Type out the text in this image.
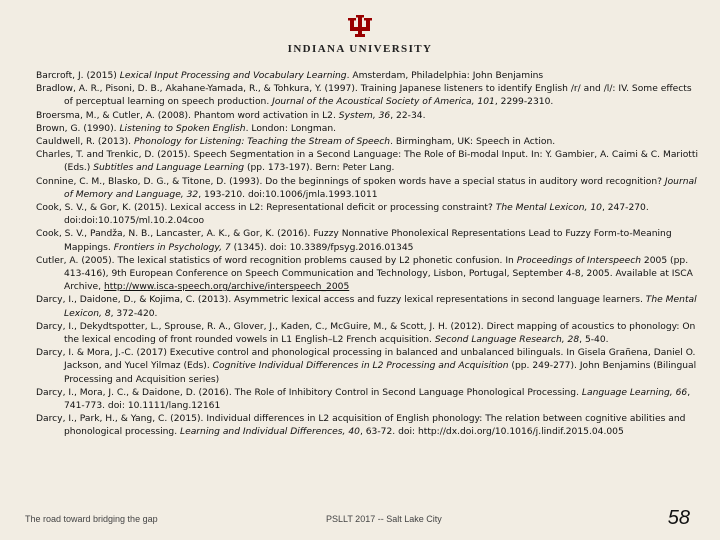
INDIANA UNIVERSITY
Barcroft, J. (2015) Lexical Input Processing and Vocabulary Learning. Amsterdam, Philadelphia: John Benjamins
Bradlow, A. R., Pisoni, D. B., Akahane-Yamada, R., & Tohkura, Y. (1997). Training Japanese listeners to identify English /r/ and /l/: IV. Some effects of perceptual learning on speech production. Journal of the Acoustical Society of America, 101, 2299-2310.
Broersma, M., & Cutler, A. (2008). Phantom word activation in L2. System, 36, 22-34.
Brown, G. (1990). Listening to Spoken English. London: Longman.
Cauldwell, R. (2013). Phonology for Listening: Teaching the Stream of Speech. Birmingham, UK: Speech in Action.
Charles, T. and Trenkic, D. (2015). Speech Segmentation in a Second Language: The Role of Bi-modal Input. In: Y. Gambier, A. Caimi & C. Mariotti (Eds.) Subtitles and Language Learning (pp. 173-197). Bern: Peter Lang.
Connine, C. M., Blasko, D. G., & Titone, D. (1993). Do the beginnings of spoken words have a special status in auditory word recognition? Journal of Memory and Language, 32, 193-210. doi:10.1006/jmla.1993.1011
Cook, S. V., & Gor, K. (2015). Lexical access in L2: Representational deficit or processing constraint? The Mental Lexicon, 10, 247-270. doi:doi:10.1075/ml.10.2.04coo
Cook, S. V., Pandža, N. B., Lancaster, A. K., & Gor, K. (2016). Fuzzy Nonnative Phonolexical Representations Lead to Fuzzy Form-to-Meaning Mappings. Frontiers in Psychology, 7 (1345). doi: 10.3389/fpsyg.2016.01345
Cutler, A. (2005). The lexical statistics of word recognition problems caused by L2 phonetic confusion. In Proceedings of Interspeech 2005 (pp. 413-416), 9th European Conference on Speech Communication and Technology, Lisbon, Portugal, September 4-8, 2005. Available at ISCA Archive, http://www.isca-speech.org/archive/interspeech_2005
Darcy, I., Daidone, D., & Kojima, C. (2013). Asymmetric lexical access and fuzzy lexical representations in second language learners. The Mental Lexicon, 8, 372-420.
Darcy, I., Dekydtspotter, L., Sprouse, R. A., Glover, J., Kaden, C., McGuire, M., & Scott, J. H. (2012). Direct mapping of acoustics to phonology: On the lexical encoding of front rounded vowels in L1 English–L2 French acquisition. Second Language Research, 28, 5-40.
Darcy, I. & Mora, J.-C. (2017) Executive control and phonological processing in balanced and unbalanced bilinguals. In Gisela Grañena, Daniel O. Jackson, and Yucel Yilmaz (Eds). Cognitive Individual Differences in L2 Processing and Acquisition (pp. 249-277). John Benjamins (Bilingual Processing and Acquisition series)
Darcy, I., Mora, J. C., & Daidone, D. (2016). The Role of Inhibitory Control in Second Language Phonological Processing. Language Learning, 66, 741-773. doi: 10.1111/lang.12161
Darcy, I., Park, H., & Yang, C. (2015). Individual differences in L2 acquisition of English phonology: The relation between cognitive abilities and phonological processing. Learning and Individual Differences, 40, 63-72. doi: http://dx.doi.org/10.1016/j.lindif.2015.04.005
The road toward bridging the gap	PSLLT 2017 -- Salt Lake City	58
